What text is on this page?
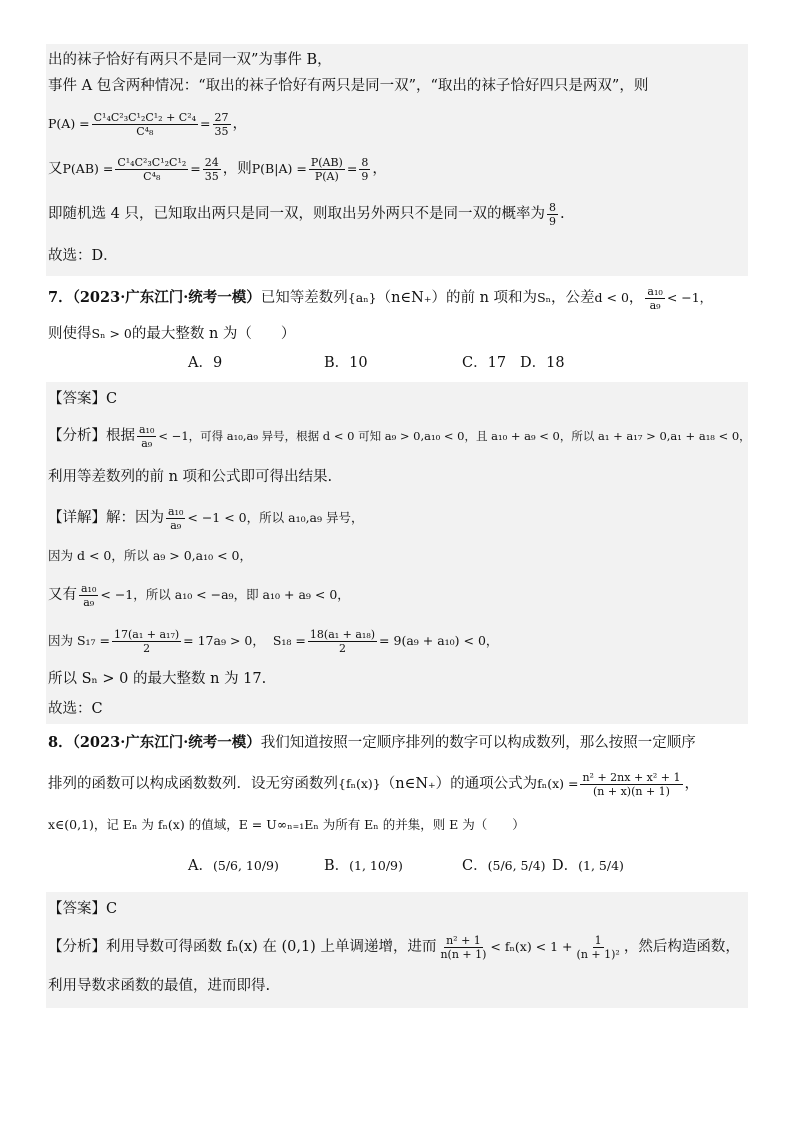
出的袜子恰好有两只不是同一双”为事件 B，
事件 A 包含两种情况：“取出的袜子恰好有两只是同一双”，“取出的袜子恰好四只是两双”，则
$P(A) = \frac{\text{C¹₄C²₃C¹₂C¹₂ + C²₄}}{\text{C⁴₈}} = \frac{27}{35}$ ，
又 $P(AB) = \frac{\text{C¹₄C²₃C¹₂C¹₂}}{\text{C⁴₈}} = \frac{24}{35}$ ，则 $P(B|A) = \frac{P(AB)}{P(A)} = \frac{8}{9}$ ，
即随机选 4 只，已知取出两只是同一双，则取出另外两只不是同一双的概率为 $\frac{8}{9}$ .
故选：D．
7．（2023·广东江门·统考一模） 已知等差数列 {aₙ} （n∈N₊）的前 n 项和为 Sₙ ，公差 d < 0 ， $\frac{\text{a₁₀}}{\text{a₉}} < -1$，
则使得 Sₙ > 0 的最大整数 n 为（　　）
A．9	B．10	C．17 D．18
【答案】C
【分析】 根据 $\frac{\text{a₁₀}}{\text{a₉}} < -1$，可得 a₁₀,a₉ 异号，根据 d < 0 可知 a₉ > 0,a₁₀ < 0，且 a₁₀ + a₉ < 0，所以 a₁ + a₁₇ > 0,a₁ + a₁₈ < 0，
利用等差数列的前 n 项和公式即可得出结果.
【详解】 解：因为 $\frac{\text{a₁₀}}{\text{a₉}} < -1 < 0$，所以 a₁₀,a₉ 异号，
因为 d < 0，所以 a₉ > 0,a₁₀ < 0，
又有 $\frac{\text{a₁₀}}{\text{a₉}} < -1$，所以 a₁₀ < −a₉，即 a₁₀ + a₉ < 0，
因为 $S_{17} = \frac{\text{17(a₁ + a₁₇)}}{2} = 17a_9 > 0$， $S_{18} = \frac{\text{18(a₁ + a₁₈)}}{2} = 9(a_9 + a_{10}) < 0$，
所以 Sₙ > 0 的最大整数 n 为 17.
故选：C
8．（2023·广东江门·统考一模）我们知道按照一定顺序排列的数字可以构成数列，那么按照一定顺序
排列的函数可以构成函数数列．设无穷函数列 {fₙ(x)} （n∈N₊）的通项公式为 $f_n(x) = \frac{\text{n² + 2nx + x² + 1}}{(n + x)(n + 1)}$ ，
x∈(0,1)，记 Eₙ 为 fₙ(x) 的值域，E = U∞ₙ₌₁Eₙ 为所有 Eₙ 的并集，则 E 为（　　）
A．(5/6, 10/9)	B．(1, 10/9)	C．(5/6, 5/4) D．(1, 5/4)
【答案】C
【分析】 利用导数可得函数 fₙ(x) 在 (0,1) 上单调递增，进而 $\frac{\text{n² + 1}}{n(n + 1)} < f_n(x) < 1 + \frac{1}{\text{(n + 1)²}}$ ，然后构造函数，
利用导数求函数的最值，进而即得.
